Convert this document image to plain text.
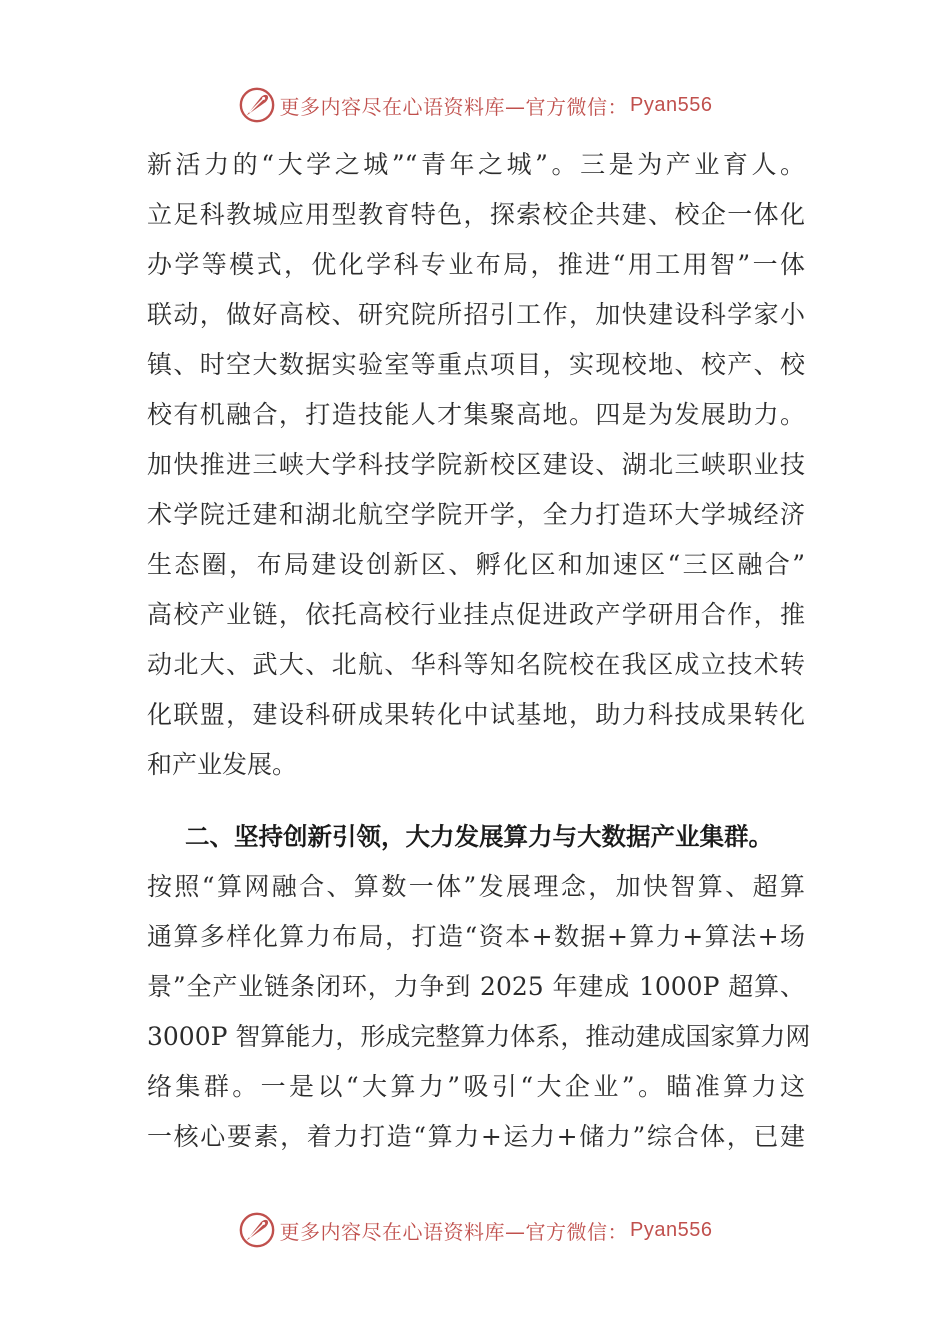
更多内容尽在心语资料库—官方微信： Pyan556
新活力的“大学之城”“青年之城”。三是为产业育人。
立足科教城应用型教育特色，探索校企共建、校企一体化
办学等模式，优化学科专业布局，推进“用工用智”一体
联动，做好高校、研究院所招引工作，加快建设科学家小
镇、时空大数据实验室等重点项目，实现校地、校产、校
校有机融合，打造技能人才集聚高地。四是为发展助力。
加快推进三峡大学科技学院新校区建设、湖北三峡职业技
术学院迁建和湖北航空学院开学，全力打造环大学城经济
生态圈，布局建设创新区、孵化区和加速区“三区融合”
高校产业链，依托高校行业挂点促进政产学研用合作，推
动北大、武大、北航、华科等知名院校在我区成立技术转
化联盟，建设科研成果转化中试基地，助力科技成果转化
和产业发展。
二、坚持创新引领，大力发展算力与大数据产业集群。
按照“算网融合、算数一体”发展理念，加快智算、超算
通算多样化算力布局，打造“资本+数据+算力+算法+场
景”全产业链条闭环，力争到 2025 年建成 1000P 超算、
3000P 智算能力，形成完整算力体系，推动建成国家算力网
络集群。一是以“大算力”吸引“大企业”。瞄准算力这
一核心要素，着力打造“算力+运力+储力”综合体，已建
更多内容尽在心语资料库—官方微信： Pyan556
